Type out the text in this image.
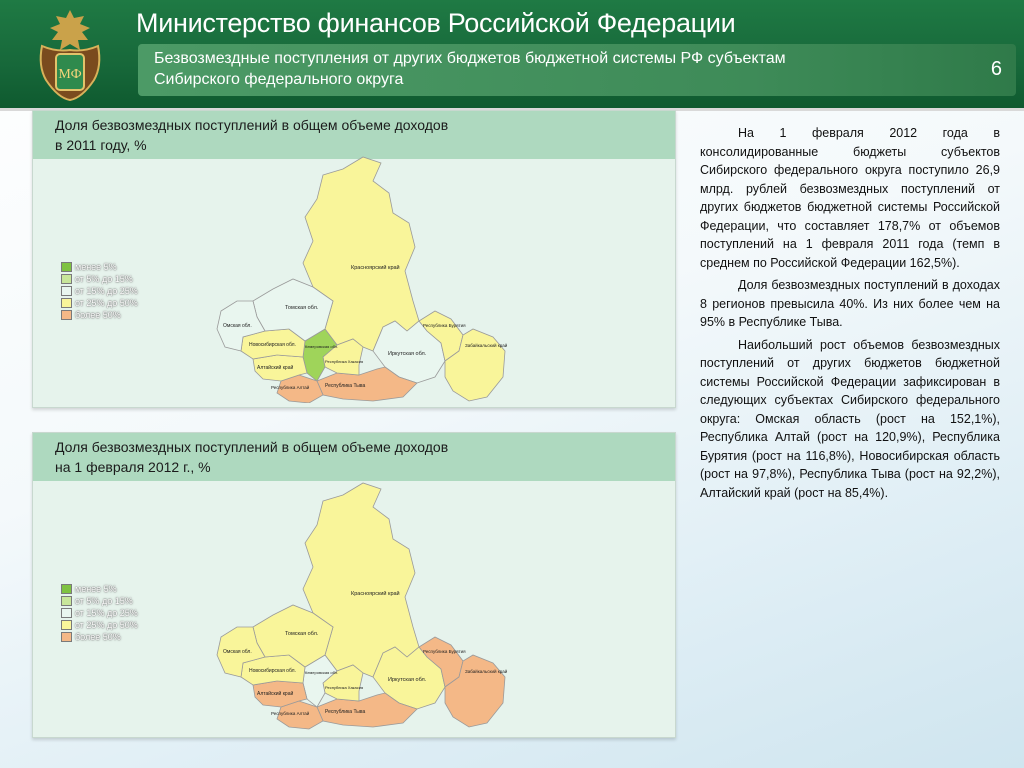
МФ
Министерство финансов Российской Федерации
Безвозмездные поступления от других бюджетов бюджетной системы РФ субъектам
Сибирского федерального округа	6
Доля безвозмездных поступлений в общем объеме доходов
в 2011 году, %
менее 5%
от 5% до 15%
от 15% до 25%
от 25% до 50%
более 50%
Красноярский край
Иркутская обл.
Томская обл.
Омская обл.
Новосибирская обл. Кемеровская обл.
Республика Хакасия
Алтайский край
Республика Алтай	Республика Тыва
Республика Бурятия
Забайкальский край
Доля безвозмездных поступлений в общем объеме доходов
на 1 февраля 2012 г., %
менее 5%
от 5% до 15%
от 15% до 25%
от 25% до 50%
более 50%
Красноярский край
Иркутская обл.
Томская обл.
Омская обл.
Новосибирская обл. Кемеровская обл.
Республика Хакасия
Алтайский край
Республика Алтай	Республика Тыва
Республика Бурятия
Забайкальский край

На 1 февраля 2012 года в консолидированные бюджеты субъектов Сибирского федерального округа поступило 26,9 млрд. рублей безвозмездных поступлений от других бюджетов бюджетной системы Российской Федерации, что составляет 178,7% от объемов поступлений на 1 февраля 2011 года (темп в среднем по Российской Федерации 162,5%).

Доля безвозмездных поступлений в доходах 8 регионов превысила 40%. Из них более чем на 95% в Республике Тыва.

Наибольший рост объемов безвозмездных поступлений от других бюджетов бюджетной системы Российской Федерации зафиксирован в следующих субъектах Сибирского федерального округа: Омская область (рост на 152,1%), Республика Алтай (рост на 120,9%), Республика Бурятия (рост на 116,8%), Новосибирская область (рост на 97,8%), Республика Тыва (рост на 92,2%), Алтайский край (рост на 85,4%).
